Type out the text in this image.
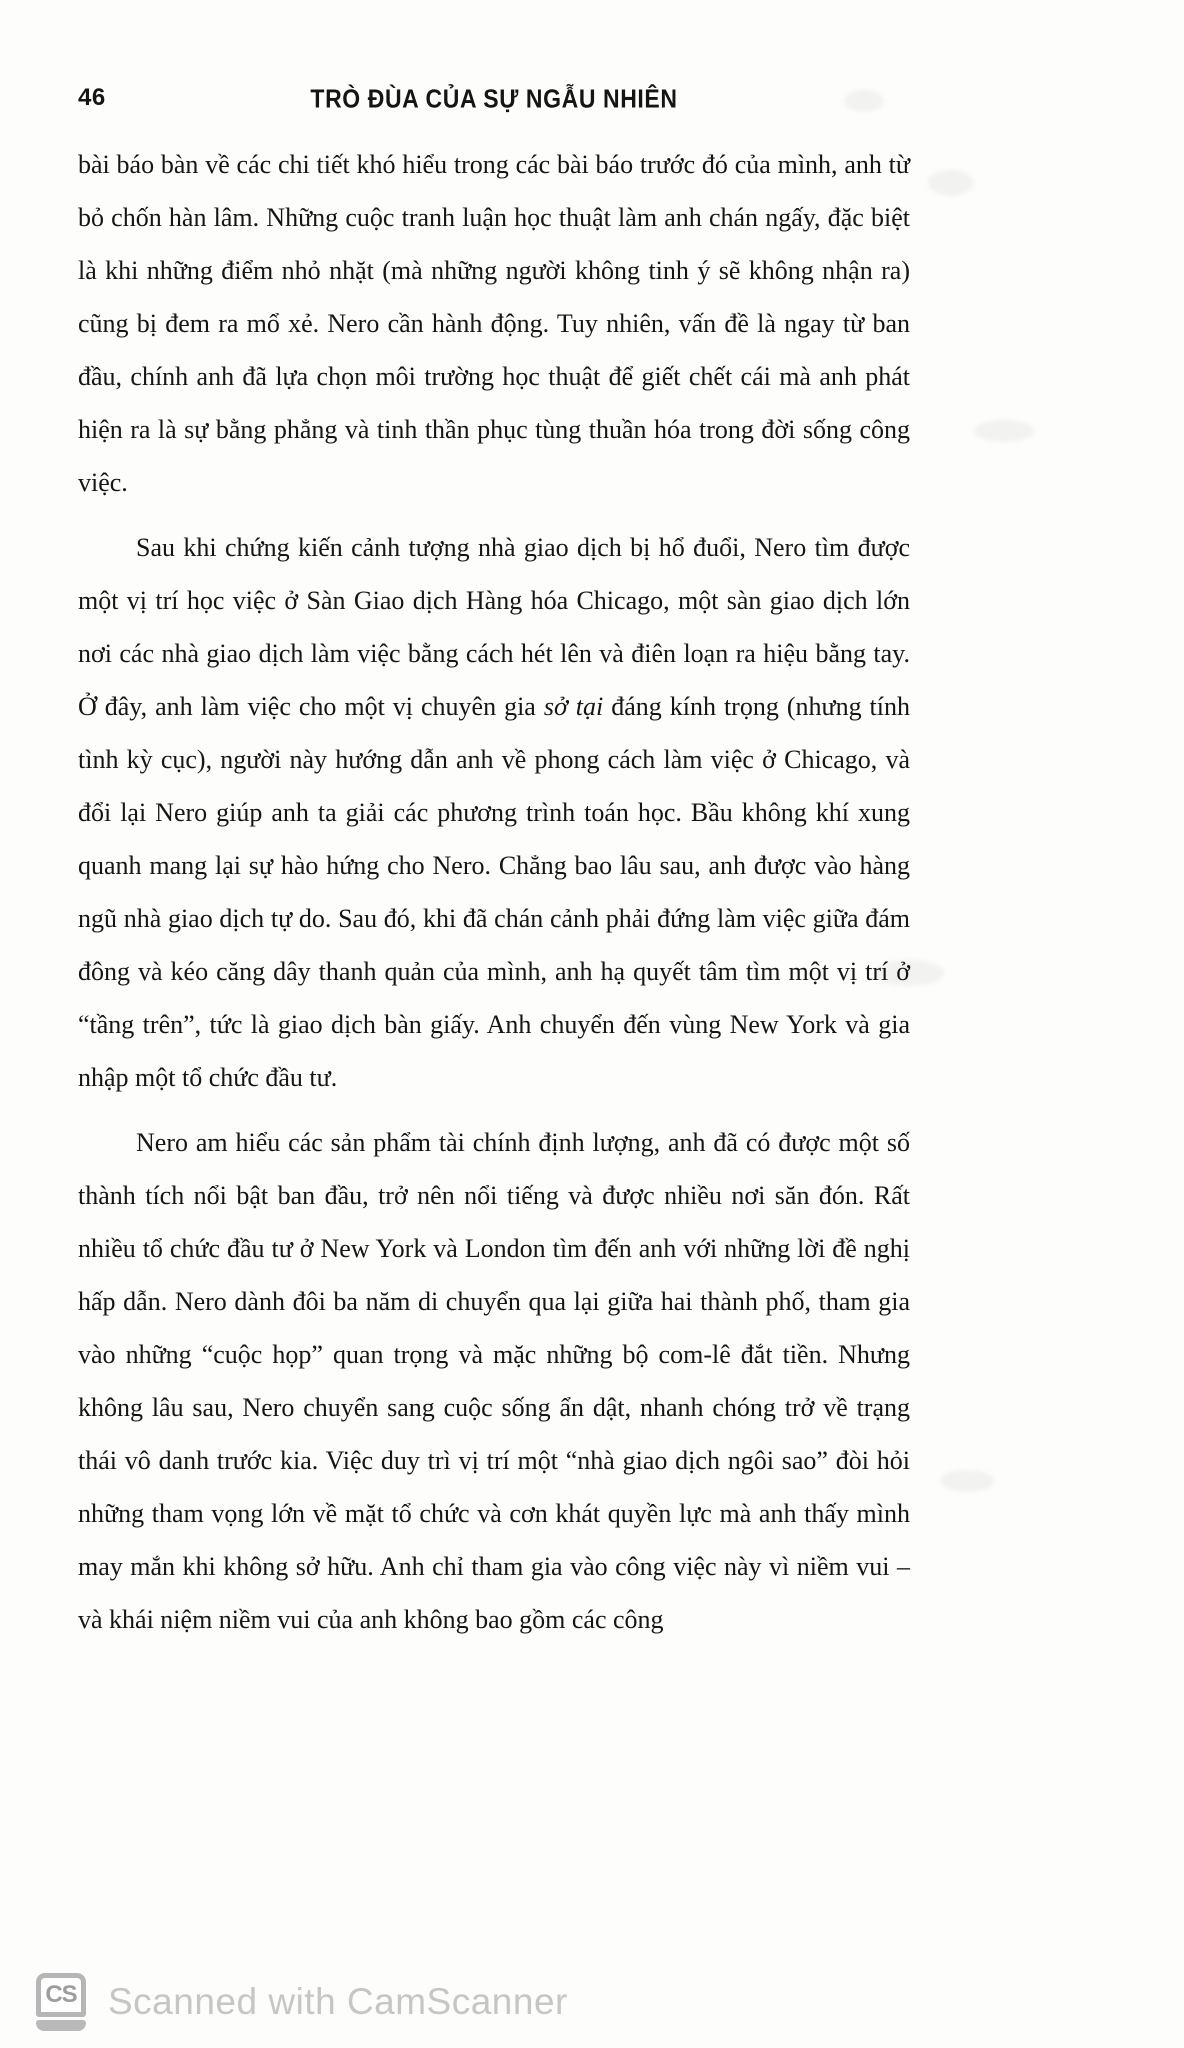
46	TRÒ ĐÙA CỦA SỰ NGẪU NHIÊN

bài báo bàn về các chi tiết khó hiểu trong các bài báo trước đó của mình, anh từ bỏ chốn hàn lâm. Những cuộc tranh luận học thuật làm anh chán ngấy, đặc biệt là khi những điểm nhỏ nhặt (mà những người không tinh ý sẽ không nhận ra) cũng bị đem ra mổ xẻ. Nero cần hành động. Tuy nhiên, vấn đề là ngay từ ban đầu, chính anh đã lựa chọn môi trường học thuật để giết chết cái mà anh phát hiện ra là sự bằng phẳng và tinh thần phục tùng thuần hóa trong đời sống công việc.

Sau khi chứng kiến cảnh tượng nhà giao dịch bị hổ đuổi, Nero tìm được một vị trí học việc ở Sàn Giao dịch Hàng hóa Chicago, một sàn giao dịch lớn nơi các nhà giao dịch làm việc bằng cách hét lên và điên loạn ra hiệu bằng tay. Ở đây, anh làm việc cho một vị chuyên gia sở tại đáng kính trọng (nhưng tính tình kỳ cục), người này hướng dẫn anh về phong cách làm việc ở Chicago, và đổi lại Nero giúp anh ta giải các phương trình toán học. Bầu không khí xung quanh mang lại sự hào hứng cho Nero. Chẳng bao lâu sau, anh được vào hàng ngũ nhà giao dịch tự do. Sau đó, khi đã chán cảnh phải đứng làm việc giữa đám đông và kéo căng dây thanh quản của mình, anh hạ quyết tâm tìm một vị trí ở “tầng trên”, tức là giao dịch bàn giấy. Anh chuyển đến vùng New York và gia nhập một tổ chức đầu tư.

Nero am hiểu các sản phẩm tài chính định lượng, anh đã có được một số thành tích nổi bật ban đầu, trở nên nổi tiếng và được nhiều nơi săn đón. Rất nhiều tổ chức đầu tư ở New York và London tìm đến anh với những lời đề nghị hấp dẫn. Nero dành đôi ba năm di chuyển qua lại giữa hai thành phố, tham gia vào những “cuộc họp” quan trọng và mặc những bộ com-lê đắt tiền. Nhưng không lâu sau, Nero chuyển sang cuộc sống ẩn dật, nhanh chóng trở về trạng thái vô danh trước kia. Việc duy trì vị trí một “nhà giao dịch ngôi sao” đòi hỏi những tham vọng lớn về mặt tổ chức và cơn khát quyền lực mà anh thấy mình may mắn khi không sở hữu. Anh chỉ tham gia vào công việc này vì niềm vui – và khái niệm niềm vui của anh không bao gồm các công

CS Scanned with CamScanner
